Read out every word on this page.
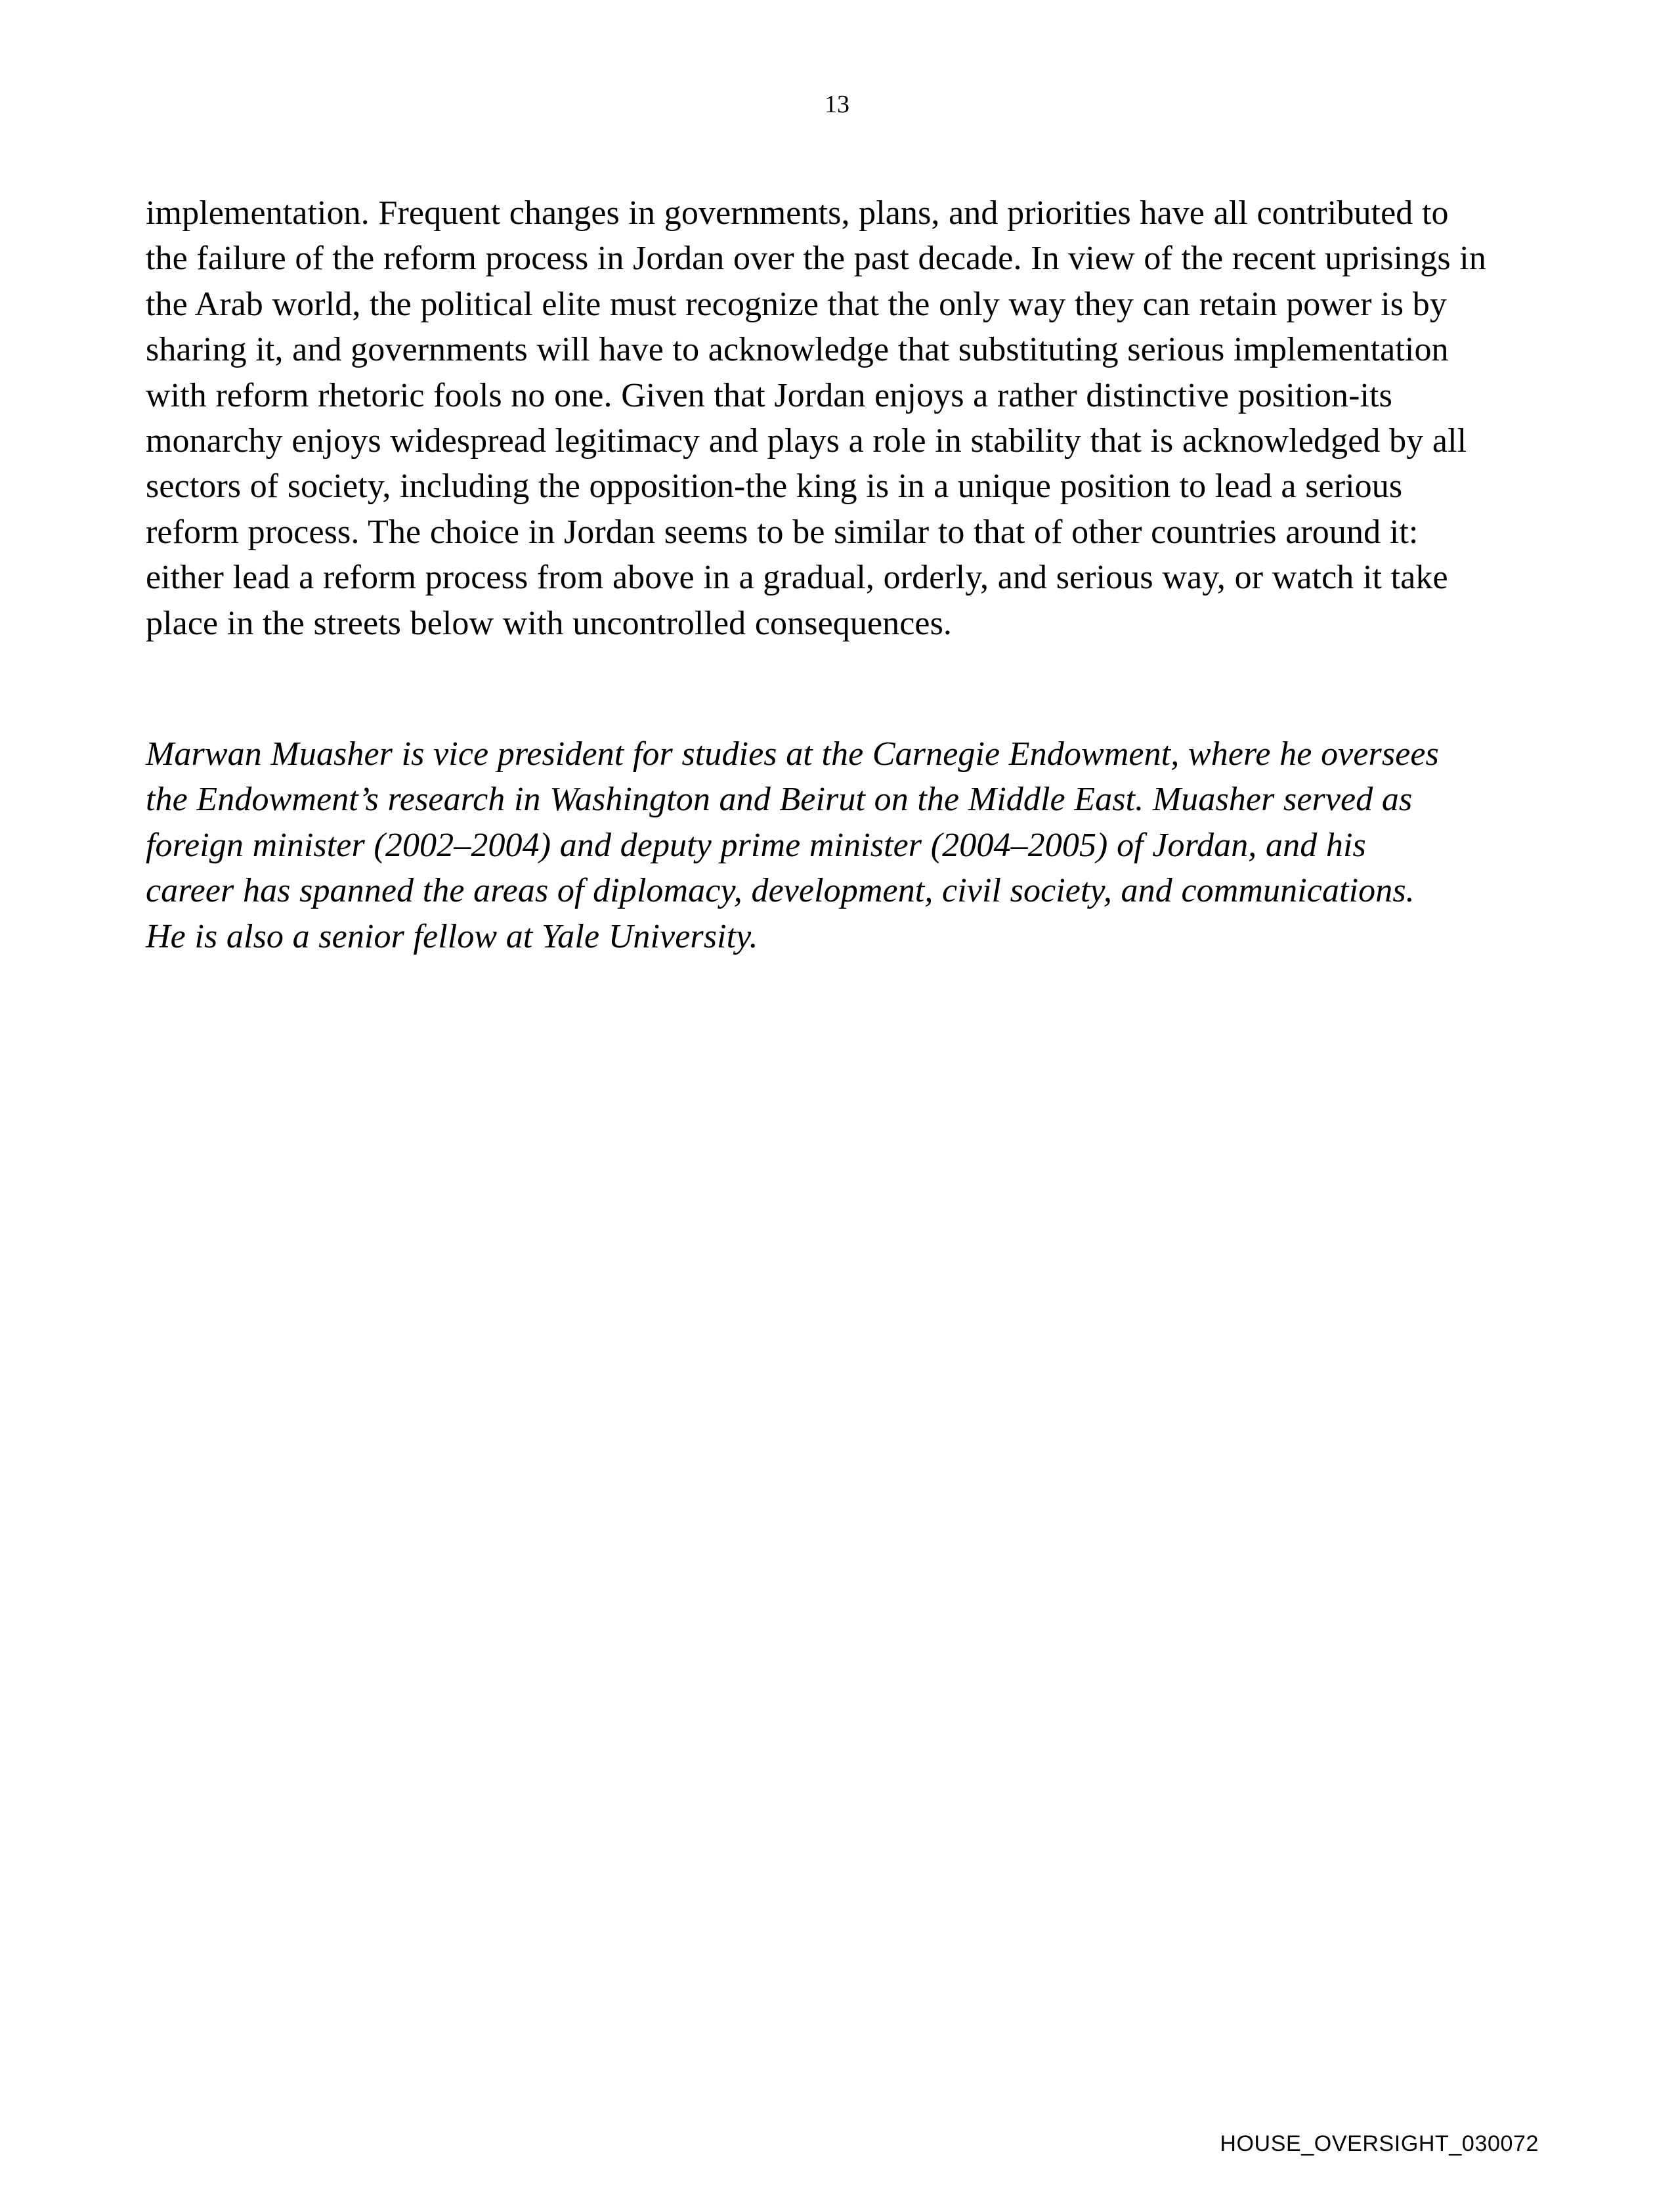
13

implementation. Frequent changes in governments, plans, and priorities have all contributed to the failure of the reform process in Jordan over the past decade. In view of the recent uprisings in the Arab world, the political elite must recognize that the only way they can retain power is by sharing it, and governments will have to acknowledge that substituting serious implementation with reform rhetoric fools no one. Given that Jordan enjoys a rather distinctive position-its monarchy enjoys widespread legitimacy and plays a role in stability that is acknowledged by all sectors of society, including the opposition-the king is in a unique position to lead a serious reform process. The choice in Jordan seems to be similar to that of other countries around it: either lead a reform process from above in a gradual, orderly, and serious way, or watch it take place in the streets below with uncontrolled consequences.

Marwan Muasher is vice president for studies at the Carnegie Endowment, where he oversees the Endowment’s research in Washington and Beirut on the Middle East. Muasher served as foreign minister (2002–2004) and deputy prime minister (2004–2005) of Jordan, and his career has spanned the areas of diplomacy, development, civil society, and communications. He is also a senior fellow at Yale University.

HOUSE_OVERSIGHT_030072
